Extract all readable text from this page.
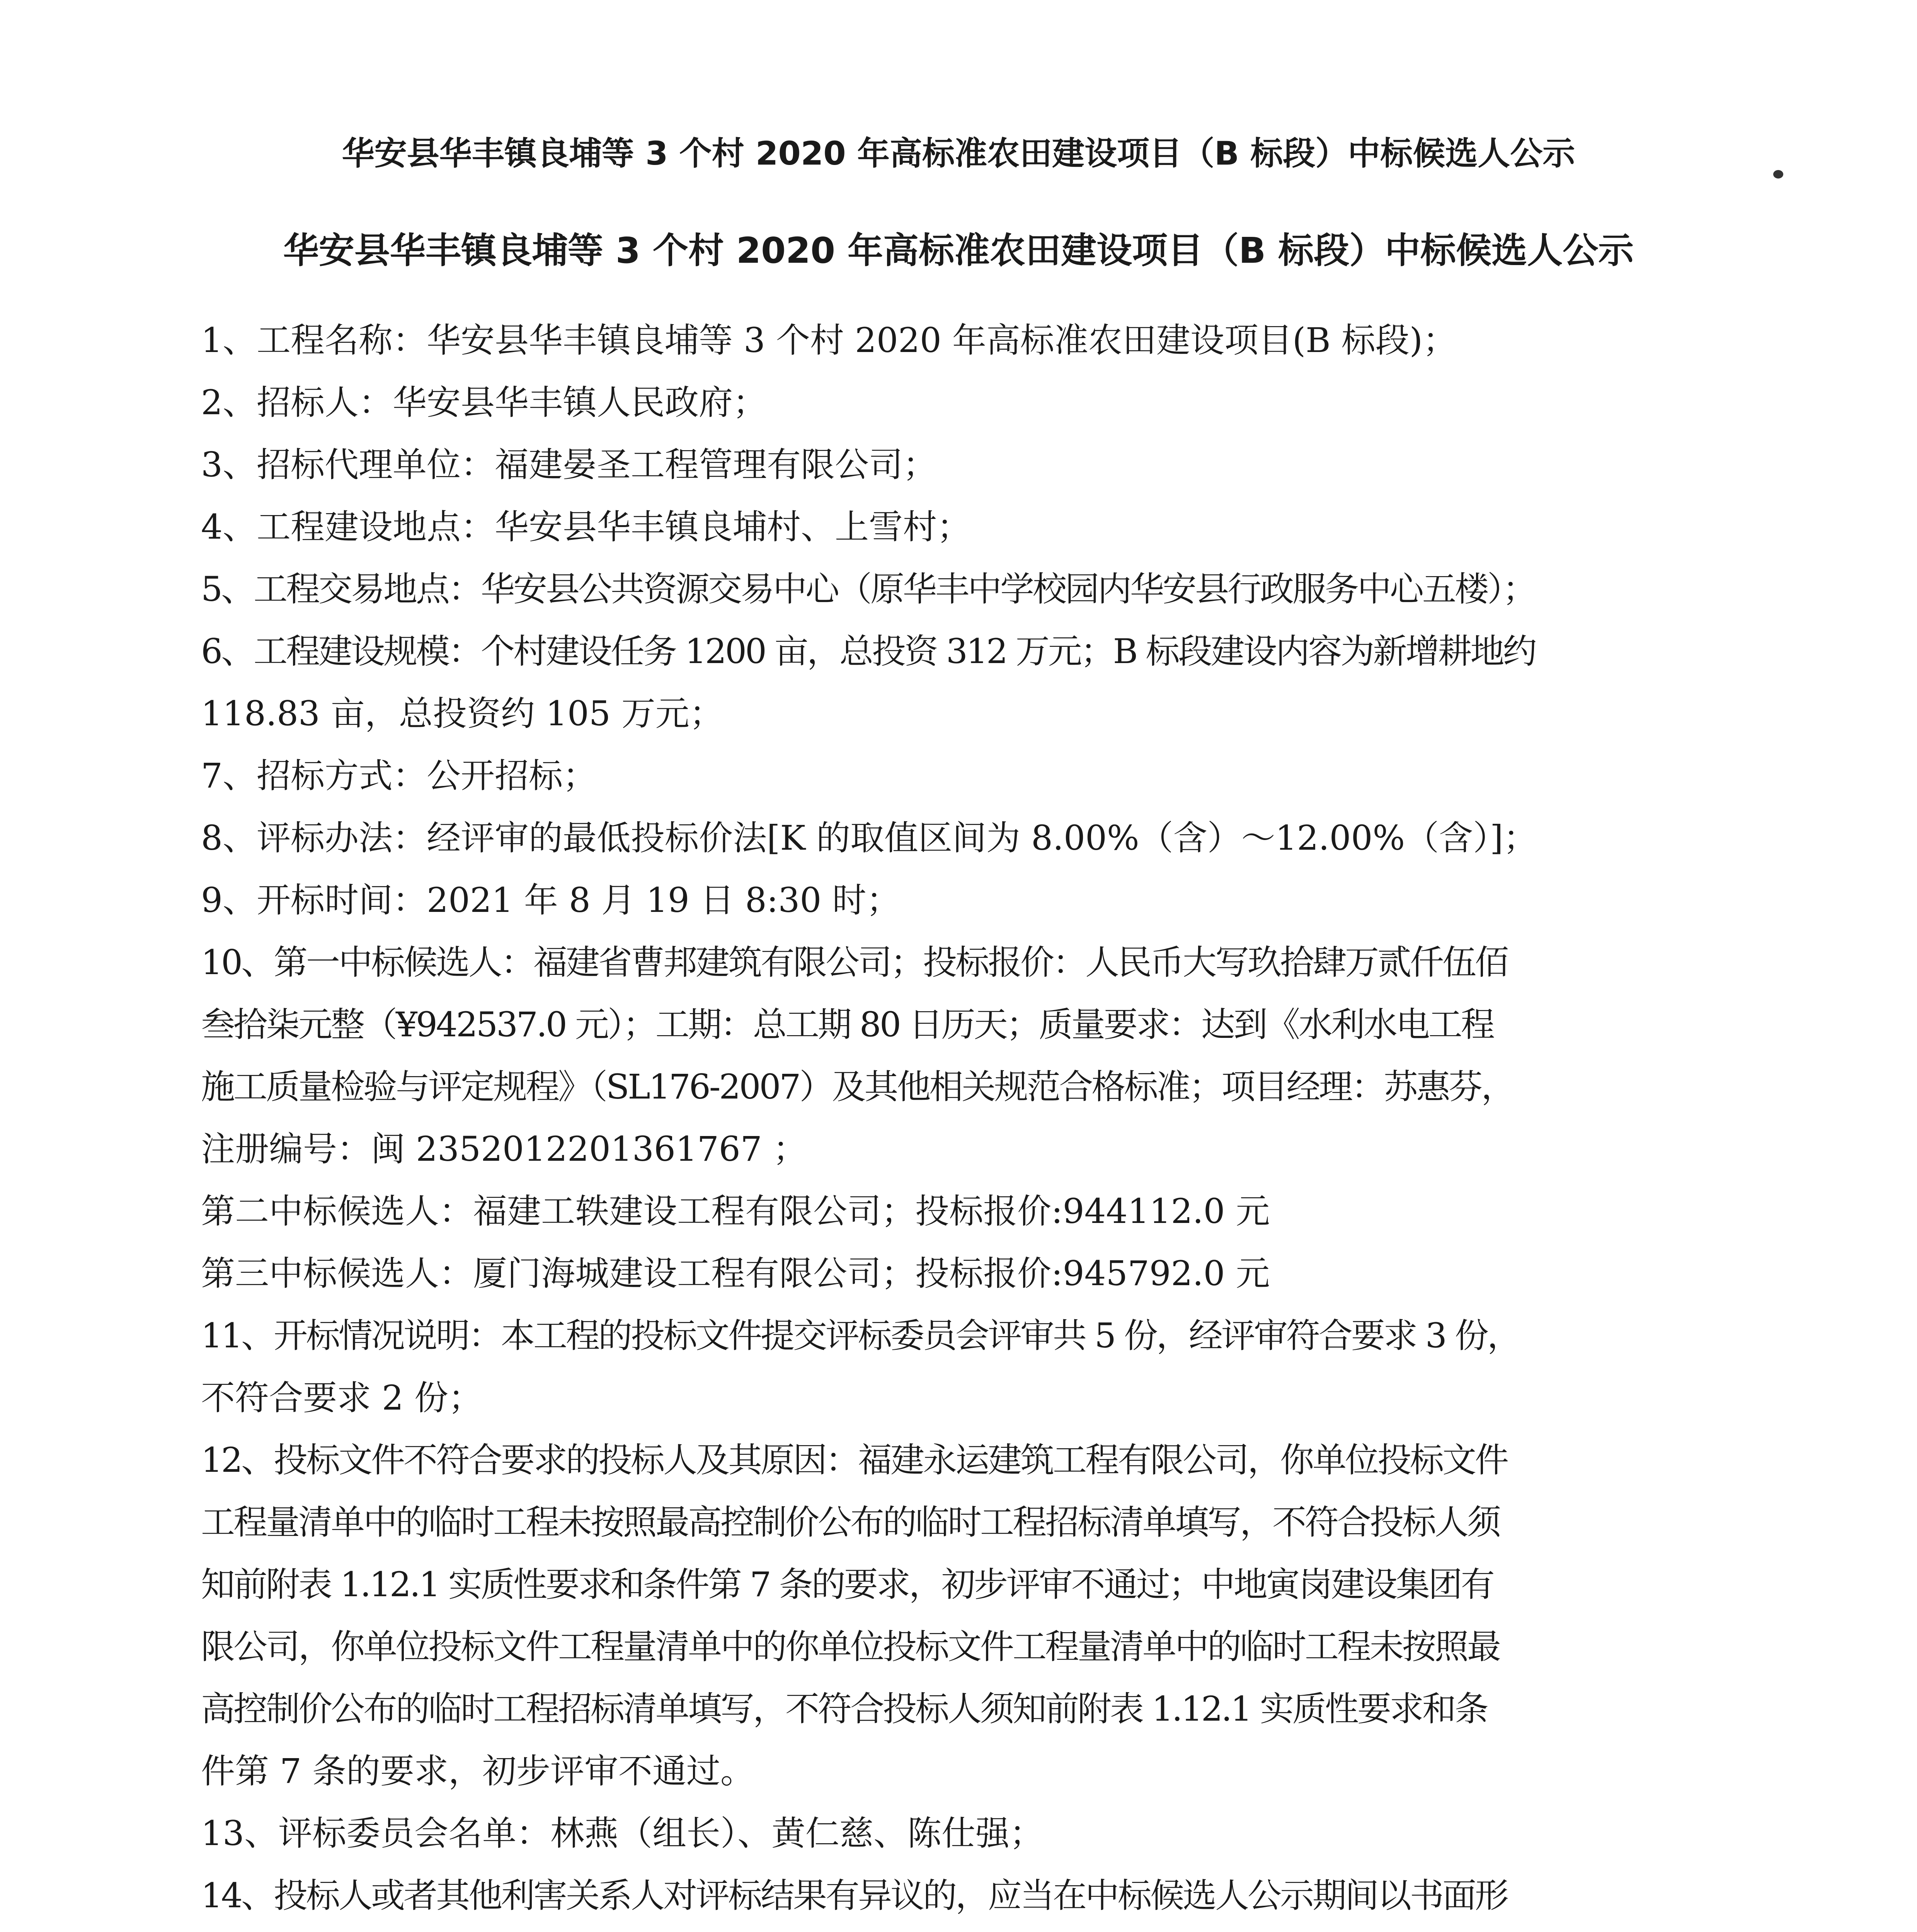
华安县华丰镇良埔等 3 个村 2020 年高标准农田建设项目（B 标段）中标候选人公示
华安县华丰镇良埔等 3 个村 2020 年高标准农田建设项目（B 标段）中标候选人公示
1、工程名称：华安县华丰镇良埔等 3 个村 2020 年高标准农田建设项目(B 标段)；
2、招标人：华安县华丰镇人民政府；
3、招标代理单位：福建晏圣工程管理有限公司；
4、工程建设地点：华安县华丰镇良埔村、上雪村；
5、工程交易地点：华安县公共资源交易中心（原华丰中学校园内华安县行政服务中心五楼）；
6、工程建设规模：个村建设任务 1200 亩，总投资 312 万元；B 标段建设内容为新增耕地约
118.83 亩，总投资约 105 万元；
7、招标方式：公开招标；
8、评标办法：经评审的最低投标价法[K 的取值区间为 8.00%（含）～12.00%（含）]；
9、开标时间：2021 年 8 月 19 日 8:30 时；
10、第一中标候选人：福建省曹邦建筑有限公司；投标报价：人民币大写玖拾肆万贰仟伍佰
叁拾柒元整（¥942537.0 元）；工期：总工期 80 日历天；质量要求：达到《水利水电工程
施工质量检验与评定规程》（SL176-2007）及其他相关规范合格标准；项目经理：苏惠芬，
注册编号：闽 2352012201361767 ；
第二中标候选人：福建工轶建设工程有限公司；投标报价:944112.0 元
第三中标候选人：厦门海城建设工程有限公司；投标报价:945792.0 元
11、开标情况说明：本工程的投标文件提交评标委员会评审共 5 份，经评审符合要求 3 份，
不符合要求 2 份；
12、投标文件不符合要求的投标人及其原因：福建永运建筑工程有限公司，你单位投标文件
工程量清单中的临时工程未按照最高控制价公布的临时工程招标清单填写，不符合投标人须
知前附表 1.12.1 实质性要求和条件第 7 条的要求，初步评审不通过；中地寅岗建设集团有
限公司，你单位投标文件工程量清单中的你单位投标文件工程量清单中的临时工程未按照最
高控制价公布的临时工程招标清单填写，不符合投标人须知前附表 1.12.1 实质性要求和条
件第 7 条的要求，初步评审不通过。
13、评标委员会名单：林燕（组长）、黄仁慈、陈仕强；
14、投标人或者其他利害关系人对评标结果有异议的，应当在中标候选人公示期间以书面形
